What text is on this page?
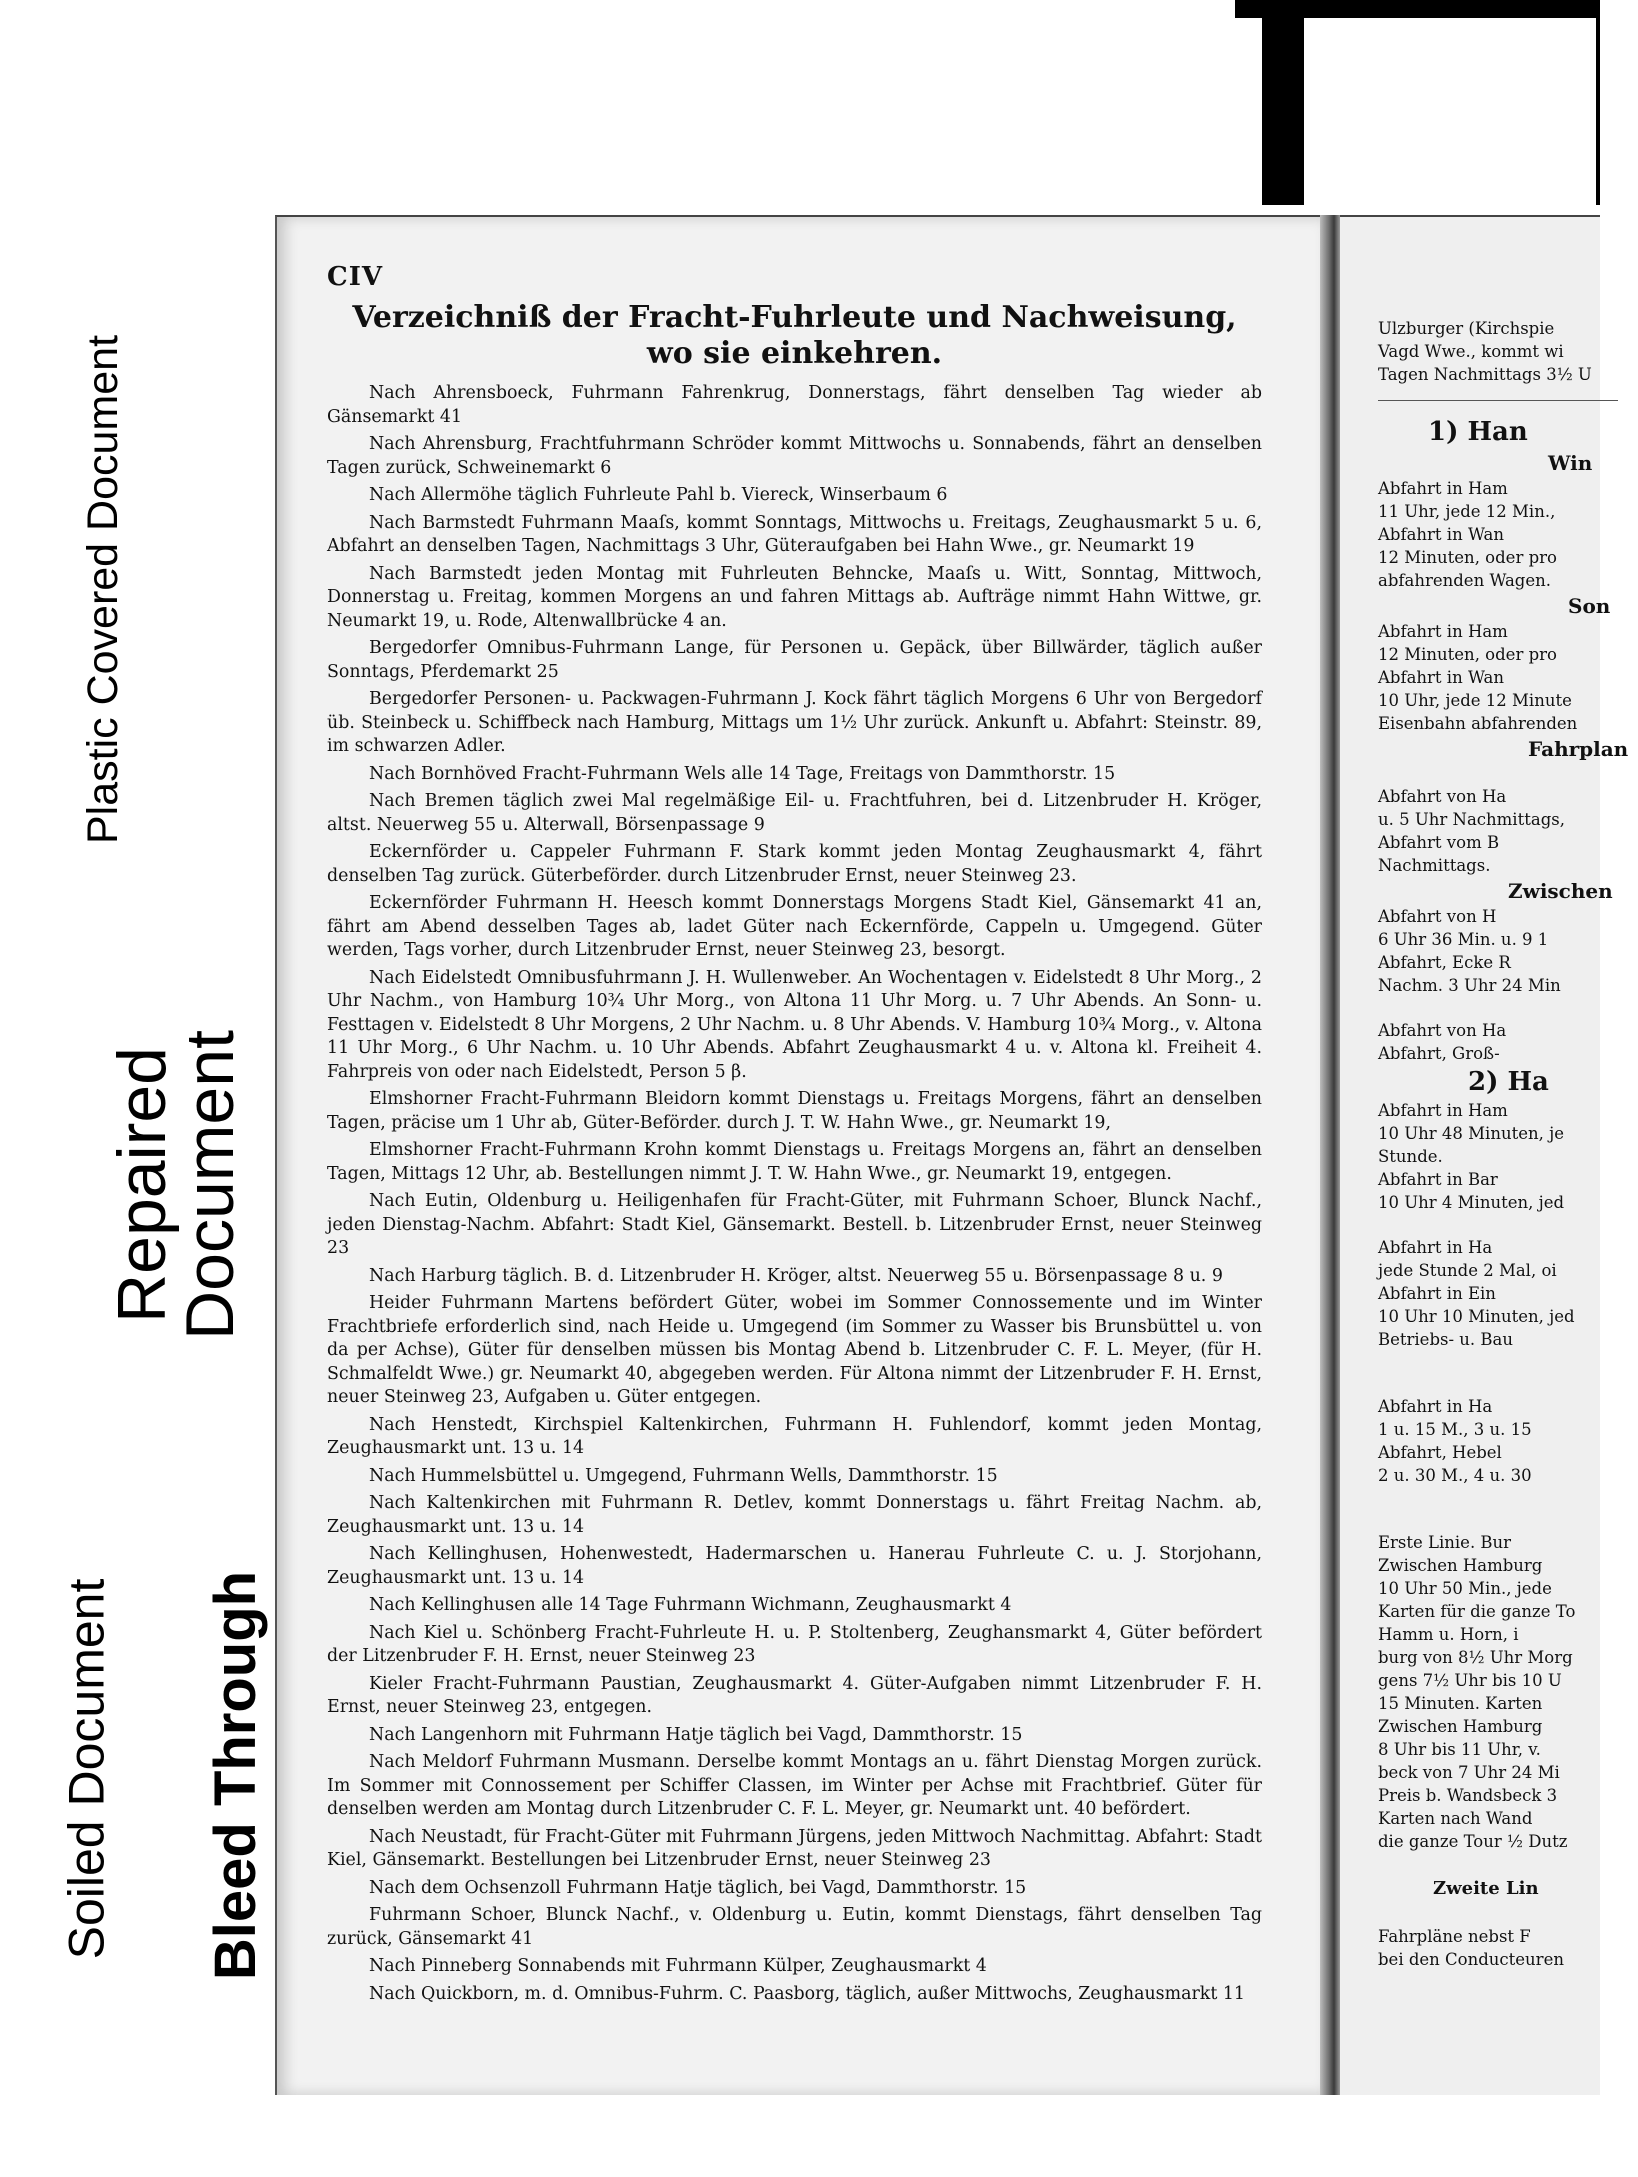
Plastic Covered Document
Repaired
Document
Soiled Document Bleed Through
CIV
Verzeichniß der Fracht-Fuhrleute und Nachweisung,
wo sie einkehren.
Nach Ahrensboeck, Fuhrmann Fahrenkrug, Donnerstags, fährt denselben Tag wieder ab Gänsemarkt 41
Nach Ahrensburg, Frachtfuhrmann Schröder kommt Mittwochs u. Sonnabends, fährt an denselben Tagen zurück, Schweinemarkt 6
Nach Allermöhe täglich Fuhrleute Pahl b. Viereck, Winserbaum 6
Nach Barmstedt Fuhrmann Maaſs, kommt Sonntags, Mittwochs u. Freitags, Zeughausmarkt 5 u. 6, Abfahrt an denselben Tagen, Nachmittags 3 Uhr, Güteraufgaben bei Hahn Wwe., gr. Neumarkt 19
Nach Barmstedt jeden Montag mit Fuhrleuten Behncke, Maaſs u. Witt, Sonntag, Mittwoch, Donnerstag u. Freitag, kommen Morgens an und fahren Mittags ab. Aufträge nimmt Hahn Wittwe, gr. Neumarkt 19, u. Rode, Altenwallbrücke 4 an.
Bergedorfer Omnibus-Fuhrmann Lange, für Personen u. Gepäck, über Billwärder, täglich außer Sonntags, Pferdemarkt 25
Bergedorfer Personen- u. Packwagen-Fuhrmann J. Kock fährt täglich Morgens 6 Uhr von Bergedorf üb. Steinbeck u. Schiffbeck nach Hamburg, Mittags um 1½ Uhr zurück. Ankunft u. Abfahrt: Steinstr. 89, im schwarzen Adler.
Nach Bornhöved Fracht-Fuhrmann Wels alle 14 Tage, Freitags von Dammthorstr. 15
Nach Bremen täglich zwei Mal regelmäßige Eil- u. Frachtfuhren, bei d. Litzenbruder H. Kröger, altst. Neuerweg 55 u. Alterwall, Börsenpassage 9
Eckernförder u. Cappeler Fuhrmann F. Stark kommt jeden Montag Zeughausmarkt 4, fährt denselben Tag zurück. Güterbeförder. durch Litzenbruder Ernst, neuer Steinweg 23.
Eckernförder Fuhrmann H. Heesch kommt Donnerstags Morgens Stadt Kiel, Gänsemarkt 41 an, fährt am Abend desselben Tages ab, ladet Güter nach Eckernförde, Cappeln u. Umgegend. Güter werden, Tags vorher, durch Litzenbruder Ernst, neuer Steinweg 23, besorgt.
Nach Eidelstedt Omnibusfuhrmann J. H. Wullenweber. An Wochentagen v. Eidelstedt 8 Uhr Morg., 2 Uhr Nachm., von Hamburg 10¾ Uhr Morg., von Altona 11 Uhr Morg. u. 7 Uhr Abends. An Sonn- u. Festtagen v. Eidelstedt 8 Uhr Morgens, 2 Uhr Nachm. u. 8 Uhr Abends. V. Hamburg 10¾ Morg., v. Altona 11 Uhr Morg., 6 Uhr Nachm. u. 10 Uhr Abends. Abfahrt Zeughausmarkt 4 u. v. Altona kl. Freiheit 4. Fahrpreis von oder nach Eidelstedt, Person 5 β.
Elmshorner Fracht-Fuhrmann Bleidorn kommt Dienstags u. Freitags Morgens, fährt an denselben Tagen, präcise um 1 Uhr ab, Güter-Beförder. durch J. T. W. Hahn Wwe., gr. Neumarkt 19,
Elmshorner Fracht-Fuhrmann Krohn kommt Dienstags u. Freitags Morgens an, fährt an denselben Tagen, Mittags 12 Uhr, ab. Bestellungen nimmt J. T. W. Hahn Wwe., gr. Neumarkt 19, entgegen.
Nach Eutin, Oldenburg u. Heiligenhafen für Fracht-Güter, mit Fuhrmann Schoer, Blunck Nachf., jeden Dienstag-Nachm. Abfahrt: Stadt Kiel, Gänsemarkt. Bestell. b. Litzenbruder Ernst, neuer Steinweg 23
Nach Harburg täglich. B. d. Litzenbruder H. Kröger, altst. Neuerweg 55 u. Börsenpassage 8 u. 9
Heider Fuhrmann Martens befördert Güter, wobei im Sommer Connossemente und im Winter Frachtbriefe erforderlich sind, nach Heide u. Umgegend (im Sommer zu Wasser bis Brunsbüttel u. von da per Achse), Güter für denselben müssen bis Montag Abend b. Litzenbruder C. F. L. Meyer, (für H. Schmalfeldt Wwe.) gr. Neumarkt 40, abgegeben werden. Für Altona nimmt der Litzenbruder F. H. Ernst, neuer Steinweg 23, Aufgaben u. Güter entgegen.
Nach Henstedt, Kirchspiel Kaltenkirchen, Fuhrmann H. Fuhlendorf, kommt jeden Montag, Zeughausmarkt unt. 13 u. 14
Nach Hummelsbüttel u. Umgegend, Fuhrmann Wells, Dammthorstr. 15
Nach Kaltenkirchen mit Fuhrmann R. Detlev, kommt Donnerstags u. fährt Freitag Nachm. ab, Zeughausmarkt unt. 13 u. 14
Nach Kellinghusen, Hohenwestedt, Hadermarschen u. Hanerau Fuhrleute C. u. J. Storjohann, Zeughausmarkt unt. 13 u. 14
Nach Kellinghusen alle 14 Tage Fuhrmann Wichmann, Zeughausmarkt 4
Nach Kiel u. Schönberg Fracht-Fuhrleute H. u. P. Stoltenberg, Zeughansmarkt 4, Güter befördert der Litzenbruder F. H. Ernst, neuer Steinweg 23
Kieler Fracht-Fuhrmann Paustian, Zeughausmarkt 4. Güter-Aufgaben nimmt Litzenbruder F. H. Ernst, neuer Steinweg 23, entgegen.
Nach Langenhorn mit Fuhrmann Hatje täglich bei Vagd, Dammthorstr. 15
Nach Meldorf Fuhrmann Musmann. Derselbe kommt Montags an u. fährt Dienstag Morgen zurück. Im Sommer mit Connossement per Schiffer Classen, im Winter per Achse mit Frachtbrief. Güter für denselben werden am Montag durch Litzenbruder C. F. L. Meyer, gr. Neumarkt unt. 40 befördert.
Nach Neustadt, für Fracht-Güter mit Fuhrmann Jürgens, jeden Mittwoch Nachmittag. Abfahrt: Stadt Kiel, Gänsemarkt. Bestellungen bei Litzenbruder Ernst, neuer Steinweg 23
Nach dem Ochsenzoll Fuhrmann Hatje täglich, bei Vagd, Dammthorstr. 15
Fuhrmann Schoer, Blunck Nachf., v. Oldenburg u. Eutin, kommt Dienstags, fährt denselben Tag zurück, Gänsemarkt 41
Nach Pinneberg Sonnabends mit Fuhrmann Külper, Zeughausmarkt 4
Nach Quickborn, m. d. Omnibus-Fuhrm. C. Paasborg, täglich, außer Mittwochs, Zeughausmarkt 11
Ulzburger (Kirchspie
Vagd Wwe., kommt wi
Tagen Nachmittags 3½ U
1) Han
Win
Abfahrt in Ham
11 Uhr, jede 12 Min.,
Abfahrt in Wan
12 Minuten, oder pro
abfahrenden Wagen.
Son
Abfahrt in Ham
12 Minuten, oder pro
Abfahrt in Wan
10 Uhr, jede 12 Minute
Eisenbahn abfahrenden
Fahrplan
Abfahrt von Ha
u. 5 Uhr Nachmittags,
Abfahrt vom B
Nachmittags.
Zwischen
Abfahrt von H
6 Uhr 36 Min. u. 9 1
Abfahrt, Ecke R
Nachm. 3 Uhr 24 Min
Abfahrt von Ha
Abfahrt, Groß-
2) Ha
Abfahrt in Ham
10 Uhr 48 Minuten, je
Stunde.
Abfahrt in Bar
10 Uhr 4 Minuten, jed
Abfahrt in Ha
jede Stunde 2 Mal, oi
Abfahrt in Ein
10 Uhr 10 Minuten, jed
Betriebs- u. Bau
Abfahrt in Ha
1 u. 15 M., 3 u. 15
Abfahrt, Hebel
2 u. 30 M., 4 u. 30
Erste Linie. Bur
Zwischen Hamburg
10 Uhr 50 Min., jede
Karten für die ganze To
Hamm u. Horn, i
burg von 8½ Uhr Morg
gens 7½ Uhr bis 10 U
15 Minuten. Karten
Zwischen Hamburg
8 Uhr bis 11 Uhr, v.
beck von 7 Uhr 24 Mi
Preis b. Wandsbeck 3
Karten nach Wand
die ganze Tour ½ Dutz
Zweite Lin
Fahrpläne nebst F
bei den Conducteuren
